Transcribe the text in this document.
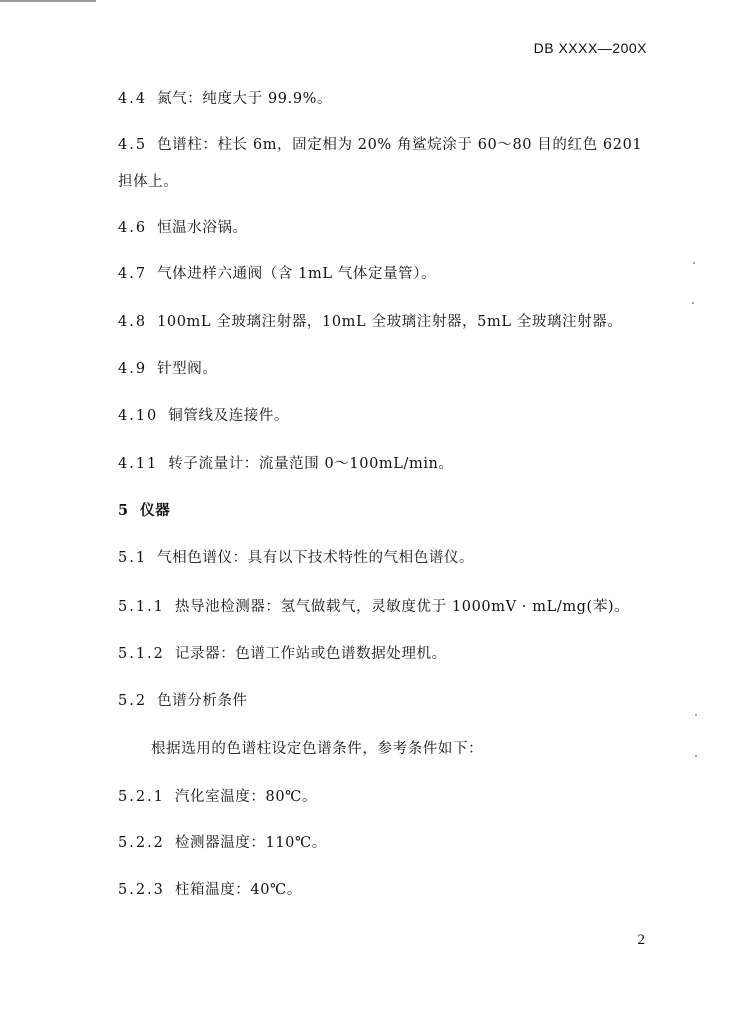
DB XXXX—200X
4.4 氮气：纯度大于 99.9%。
4.5 色谱柱：柱长 6m，固定相为 20% 角鲨烷涂于 60～80 目的红色 6201
担体上。
4.6 恒温水浴锅。
4.7 气体进样六通阀（含 1mL 气体定量管）。
4.8 100mL 全玻璃注射器，10mL 全玻璃注射器，5mL 全玻璃注射器。
4.9 针型阀。
4.10 铜管线及连接件。
4.11 转子流量计：流量范围 0～100mL/min。
5 仪器
5.1 气相色谱仪：具有以下技术特性的气相色谱仪。
5.1.1 热导池检测器：氢气做载气，灵敏度优于 1000mV · mL/mg(苯)。
5.1.2 记录器：色谱工作站或色谱数据处理机。
5.2 色谱分析条件
根据选用的色谱柱设定色谱条件，参考条件如下：
5.2.1 汽化室温度：80℃。
5.2.2 检测器温度：110℃。
5.2.3 柱箱温度：40℃。
2
